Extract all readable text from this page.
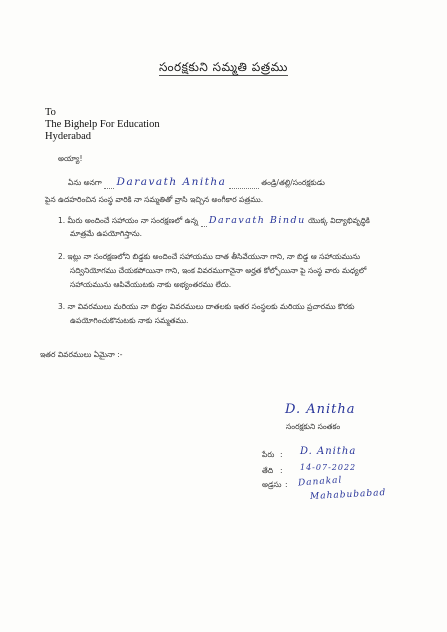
సంరక్షకుని సమ్మతి పత్రము
To
The Bighelp For Education
Hyderabad
అయ్యా!
ఏను అనగా Daravath Anitha	తండ్రి/తల్లి/సంరక్షకుడు
పైన ఉదహరించిన సంస్థ వారికి నా సమ్మతితో వ్రాసి ఇచ్చిన అంగీకార పత్రము.
1. మీరు అందించే సహాయం నా సంరక్షణలో ఉన్న Daravath Bindu యొక్క విద్యాభివృద్ధికి
మాత్రమే ఉపయోగిస్తాను.
2. ఇట్లు నా సంరక్షణలోని బిడ్డకు అందించే సహాయము దాత తీసివేయునా గాని, నా బిడ్డ ఆ సహాయమును
సద్వినియోగము చేయకపోయినా గాని, ఇంక వివరముగానైనా అర్హత కోల్పోయినా పై సంస్థ వారు మధ్యలో
సహాయమును ఆపివేయుటకు నాకు అభ్యంతరము లేదు.
3. నా వివరములు మరియు నా బిడ్డల వివరములు దాతలకు ఇతర సంస్థలకు మరియు ప్రచారము కొరకు
ఉపయోగించుకొనుటకు నాకు సమ్మతము.
ఇతర వివరములు ఏమైనా :-
D. Anitha
సంరక్షకుని సంతకం
పేరు : D. Anitha
తేది : 14-07-2022
అడ్రసు : Danakal
Mahabubabad
